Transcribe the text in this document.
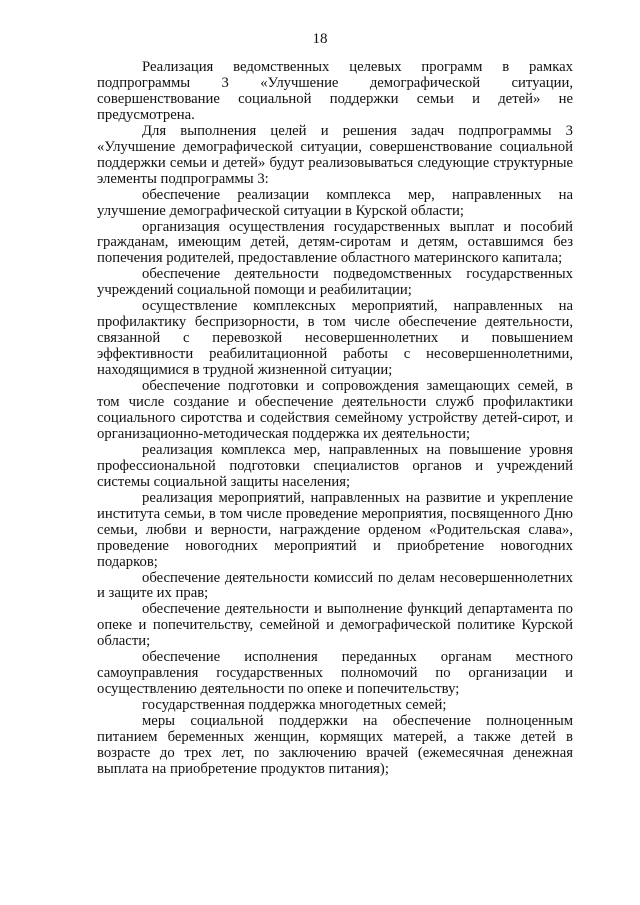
18

Реализация ведомственных целевых программ в рамках подпрограммы 3 «Улучшение демографической ситуации, совершенствование социальной поддержки семьи и детей» не предусмотрена.

Для выполнения целей и решения задач подпрограммы 3 «Улучшение демографической ситуации, совершенствование социальной поддержки семьи и детей» будут реализовываться следующие структурные элементы подпрограммы 3:

обеспечение реализации комплекса мер, направленных на улучшение демографической ситуации в Курской области;

организация осуществления государственных выплат и пособий гражданам, имеющим детей, детям-сиротам и детям, оставшимся без попечения родителей, предоставление областного материнского капитала;

обеспечение деятельности подведомственных государственных учреждений социальной помощи и реабилитации;

осуществление комплексных мероприятий, направленных на профилактику беспризорности, в том числе обеспечение деятельности, связанной с перевозкой несовершеннолетних и повышением эффективности реабилитационной работы с несовершеннолетними, находящимися в трудной жизненной ситуации;

обеспечение подготовки и сопровождения замещающих семей, в том числе создание и обеспечение деятельности служб профилактики социального сиротства и содействия семейному устройству детей-сирот, и организационно-методическая поддержка их деятельности;

реализация комплекса мер, направленных на повышение уровня профессиональной подготовки специалистов органов и учреждений системы социальной защиты населения;

реализация мероприятий, направленных на развитие и укрепление института семьи, в том числе проведение мероприятия, посвященного Дню семьи, любви и верности, награждение орденом «Родительская слава», проведение новогодних мероприятий и приобретение новогодних подарков;

обеспечение деятельности комиссий по делам несовершеннолетних и защите их прав;

обеспечение деятельности и выполнение функций департамента по опеке и попечительству, семейной и демографической политике Курской области;

обеспечение исполнения переданных органам местного самоуправления государственных полномочий по организации и осуществлению деятельности по опеке и попечительству;

государственная поддержка многодетных семей;

меры социальной поддержки на обеспечение полноценным питанием беременных женщин, кормящих матерей, а также детей в возрасте до трех лет, по заключению врачей (ежемесячная денежная выплата на приобретение продуктов питания);
